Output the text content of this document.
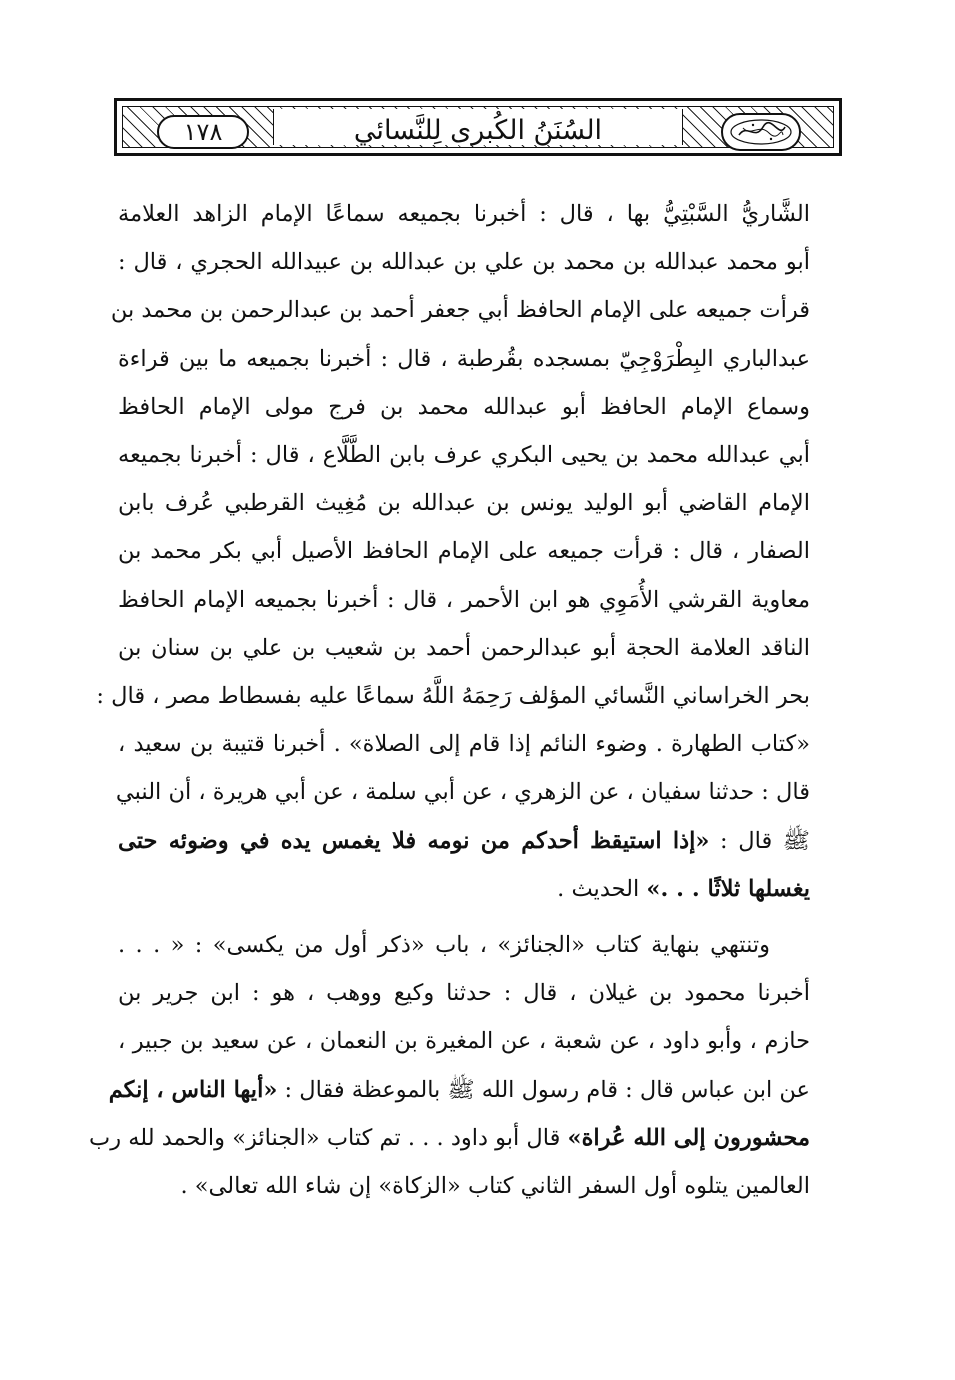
السُنَنُ الكُبرى لِلنَّسائي
١٧٨

الشَّاريُّ السَّبْتِيُّ بها ، قال : أخبرنا بجميعه سماعًا الإمام الزاهد العلامة
أبو محمد عبدالله بن محمد بن علي بن عبدالله بن عبيدالله الحجري ، قال :
قرأت جميعه على الإمام الحافظ أبي جعفر أحمد بن عبدالرحمن بن محمد بن
عبدالباري البِطْرَوْجِيّ بمسجده بقُرطبة ، قال : أخبرنا بجميعه ما بين قراءة
وسماع الإمام الحافظ أبو عبدالله محمد بن فرج مولى الإمام الحافظ
أبي عبدالله محمد بن يحيى البكري عرف بابن الطَّلَّاع ، قال : أخبرنا بجميعه
الإمام القاضي أبو الوليد يونس بن عبدالله بن مُغِيث القرطبي عُرف بابن
الصفار ، قال : قرأت جميعه على الإمام الحافظ الأصيل أبي بكر محمد بن
معاوية القرشي الأُمَوِي هو ابن الأحمر ، قال : أخبرنا بجميعه الإمام الحافظ
الناقد العلامة الحجة أبو عبدالرحمن أحمد بن شعيب بن علي بن سنان بن
بحر الخراساني النَّسائي المؤلف رَحِمَهُ اللَّهُ سماعًا عليه بفسطاط مصر ، قال :
«كتاب الطهارة . وضوء النائم إذا قام إلى الصلاة» . أخبرنا قتيبة بن سعيد ،
قال : حدثنا سفيان ، عن الزهري ، عن أبي سلمة ، عن أبي هريرة ، أن النبي
ﷺ قال : «إذا استيقظ أحدكم من نومه فلا يغمس يده في وضوئه حتى
يغسلها ثلاثًا . . .» الحديث .

وتنتهي بنهاية كتاب «الجنائز» ، باب «ذكر أول من يكسى» : « . . .
أخبرنا محمود بن غيلان ، قال : حدثنا وكيع ووهب ، هو : ابن جرير بن
حازم ، وأبو داود ، عن شعبة ، عن المغيرة بن النعمان ، عن سعيد بن جبير ،
عن ابن عباس قال : قام رسول الله ﷺ بالموعظة فقال : «أيها الناس ، إنكم
محشورون إلى الله عُراة» قال أبو داود . . . تم كتاب «الجنائز» والحمد لله رب
العالمين يتلوه أول السفر الثاني كتاب «الزكاة» إن شاء الله تعالى» .
